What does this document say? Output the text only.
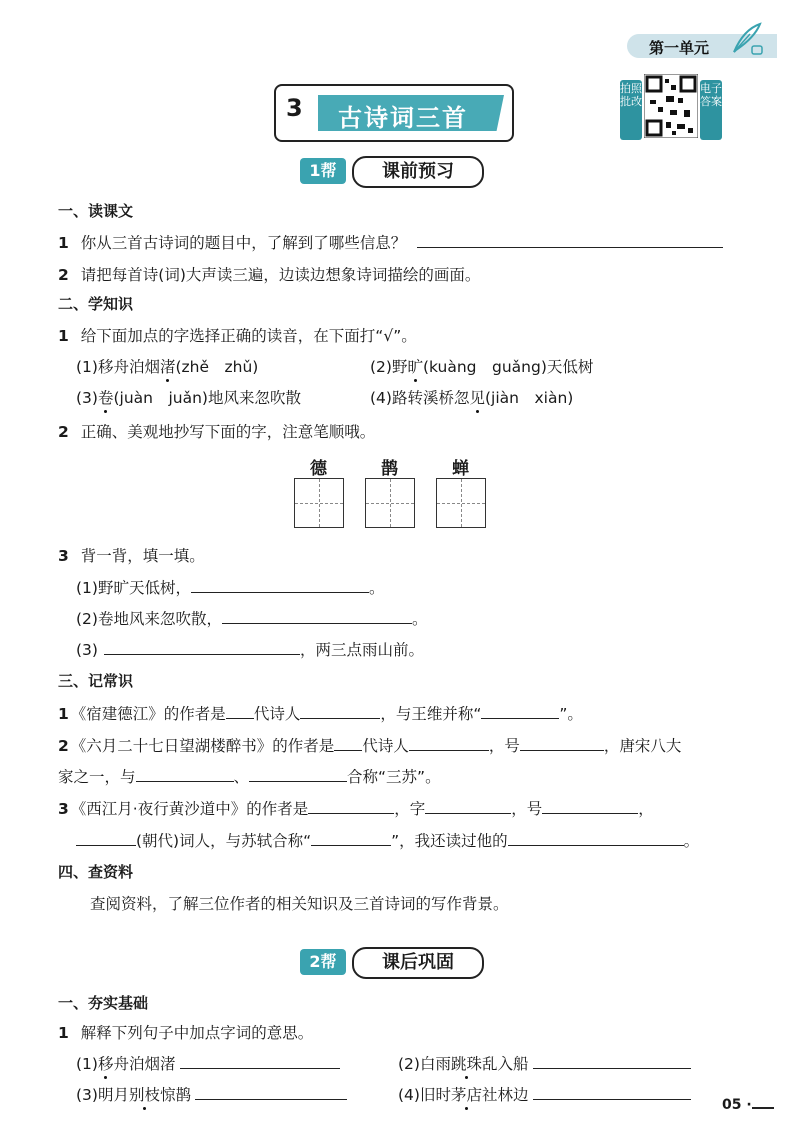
第一单元
3 古诗词三首
拍照批改
电子答案
1帮	课前预习
一、读课文
1 你从三首古诗词的题目中，了解到了哪些信息？
2 请把每首诗(词)大声读三遍，边读边想象诗词描绘的画面。
二、学知识
1 给下面加点的字选择正确的读音，在下面打“√”。
(1)移舟泊烟渚(zhě　zhǔ)	(2)野旷(kuàng　guǎng)天低树
(3)卷(juàn　juǎn)地风来忽吹散	(4)路转溪桥忽见(jiàn　xiàn)
2 正确、美观地抄写下面的字，注意笔顺哦。
德	鹊	蝉
3 背一背，填一填。
(1)野旷天低树，	。
(2)卷地风来忽吹散，	。
(3)	，两三点雨山前。
三、记常识
1 《宿建德江》的作者是 代诗人	，与王维并称“	”。
2 《六月二十七日望湖楼醉书》的作者是 代诗人	，号	，唐宋八大
家之一，与	、	合称“三苏”。
3 《西江月·夜行黄沙道中》的作者是	，字	，号	，
(朝代)词人，与苏轼合称“	”，我还读过他的	。
四、查资料
查阅资料，了解三位作者的相关知识及三首诗词的写作背景。
2帮	课后巩固
一、夯实基础
1 解释下列句子中加点字词的意思。
(1)移舟泊烟渚	(2)白雨跳珠乱入船
(3)明月别枝惊鹊	(4)旧时茅店社林边
05 ·
